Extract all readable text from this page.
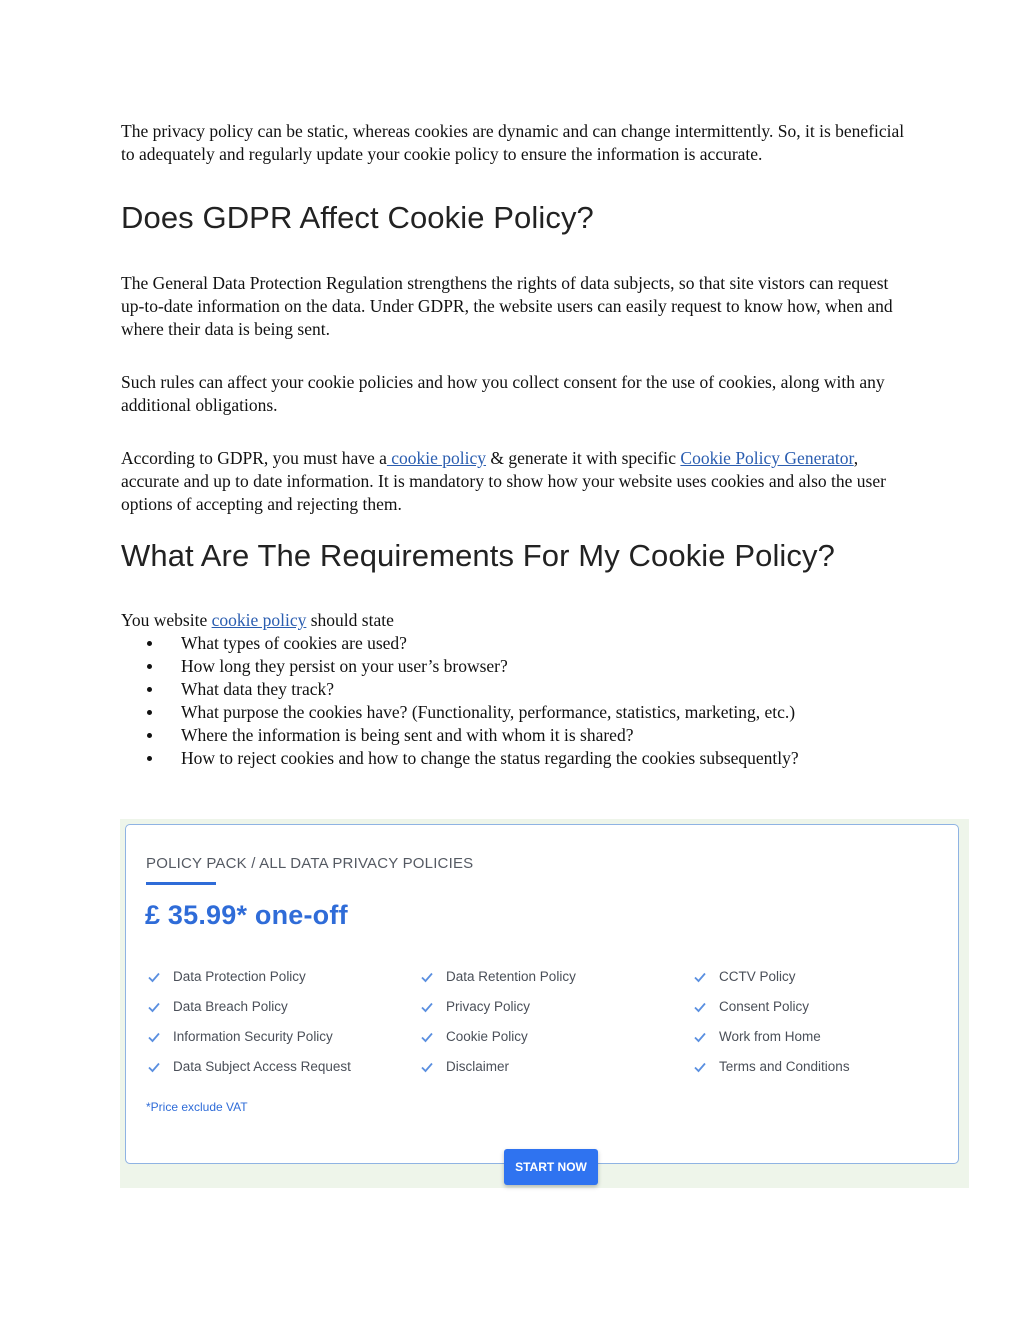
The privacy policy can be static, whereas cookies are dynamic and can change intermittently. So, it is beneficial to adequately and regularly update your cookie policy to ensure the information is accurate.

Does GDPR Affect Cookie Policy?

The General Data Protection Regulation strengthens the rights of data subjects, so that site vistors can request up-to-date information on the data. Under GDPR, the website users can easily request to know how, when and where their data is being sent.

Such rules can affect your cookie policies and how you collect consent for the use of cookies, along with any additional obligations.

According to GDPR, you must have a cookie policy & generate it with specific Cookie Policy Generator, accurate and up to date information. It is mandatory to show how your website uses cookies and also the user options of accepting and rejecting them.

What Are The Requirements For My Cookie Policy?

You website cookie policy should state

What types of cookies are used?
How long they persist on your user’s browser?
What data they track?
What purpose the cookies have? (Functionality, performance, statistics, marketing, etc.)
Where the information is being sent and with whom it is shared?
How to reject cookies and how to change the status regarding the cookies subsequently?
POLICY PACK / ALL DATA PRIVACY POLICIES
£ 35.99* one-off
Data Protection Policy
Data Breach Policy
Information Security Policy
Data Subject Access Request
Data Retention Policy
Privacy Policy
Cookie Policy
Disclaimer
CCTV Policy
Consent Policy
Work from Home
Terms and Conditions
*Price exclude VAT
START NOW
